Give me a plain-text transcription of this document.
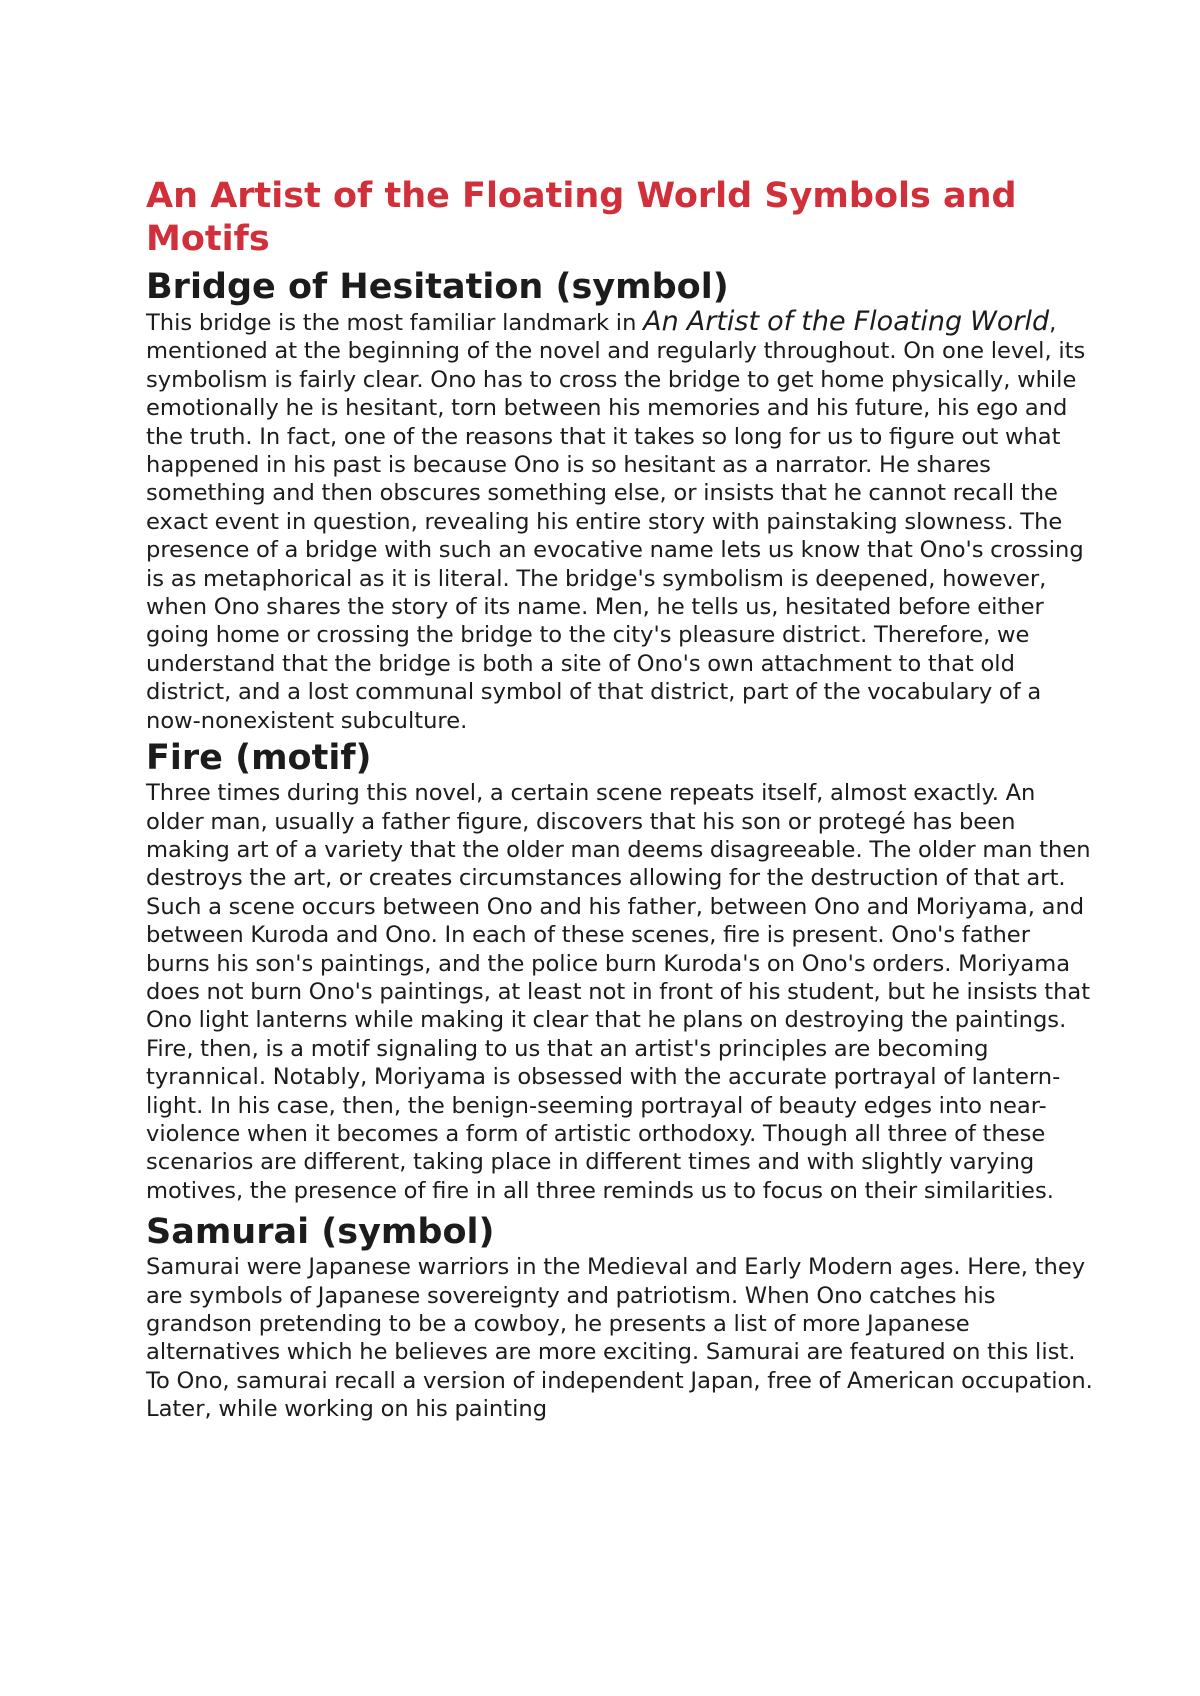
An Artist of the Floating World Symbols and Motifs
Bridge of Hesitation (symbol)

This bridge is the most familiar landmark in An Artist of the Floating World, mentioned at the beginning of the novel and regularly throughout. On one level, its symbolism is fairly clear. Ono has to cross the bridge to get home physically, while emotionally he is hesitant, torn between his memories and his future, his ego and the truth. In fact, one of the reasons that it takes so long for us to figure out what happened in his past is because Ono is so hesitant as a narrator. He shares something and then obscures something else, or insists that he cannot recall the exact event in question, revealing his entire story with painstaking slowness. The presence of a bridge with such an evocative name lets us know that Ono's crossing is as metaphorical as it is literal. The bridge's symbolism is deepened, however, when Ono shares the story of its name. Men, he tells us, hesitated before either going home or crossing the bridge to the city's pleasure district. Therefore, we understand that the bridge is both a site of Ono's own attachment to that old district, and a lost communal symbol of that district, part of the vocabulary of a now-nonexistent subculture.

Fire (motif)

Three times during this novel, a certain scene repeats itself, almost exactly. An older man, usually a father figure, discovers that his son or protegé has been making art of a variety that the older man deems disagreeable. The older man then destroys the art, or creates circumstances allowing for the destruction of that art. Such a scene occurs between Ono and his father, between Ono and Moriyama, and between Kuroda and Ono. In each of these scenes, fire is present. Ono's father burns his son's paintings, and the police burn Kuroda's on Ono's orders. Moriyama does not burn Ono's paintings, at least not in front of his student, but he insists that Ono light lanterns while making it clear that he plans on destroying the paintings. Fire, then, is a motif signaling to us that an artist's principles are becoming tyrannical. Notably, Moriyama is obsessed with the accurate portrayal of lantern-light. In his case, then, the benign-seeming portrayal of beauty edges into near-violence when it becomes a form of artistic orthodoxy. Though all three of these scenarios are different, taking place in different times and with slightly varying motives, the presence of fire in all three reminds us to focus on their similarities.

Samurai (symbol)

Samurai were Japanese warriors in the Medieval and Early Modern ages. Here, they are symbols of Japanese sovereignty and patriotism. When Ono catches his grandson pretending to be a cowboy, he presents a list of more Japanese alternatives which he believes are more exciting. Samurai are featured on this list. To Ono, samurai recall a version of independent Japan, free of American occupation. Later, while working on his painting
